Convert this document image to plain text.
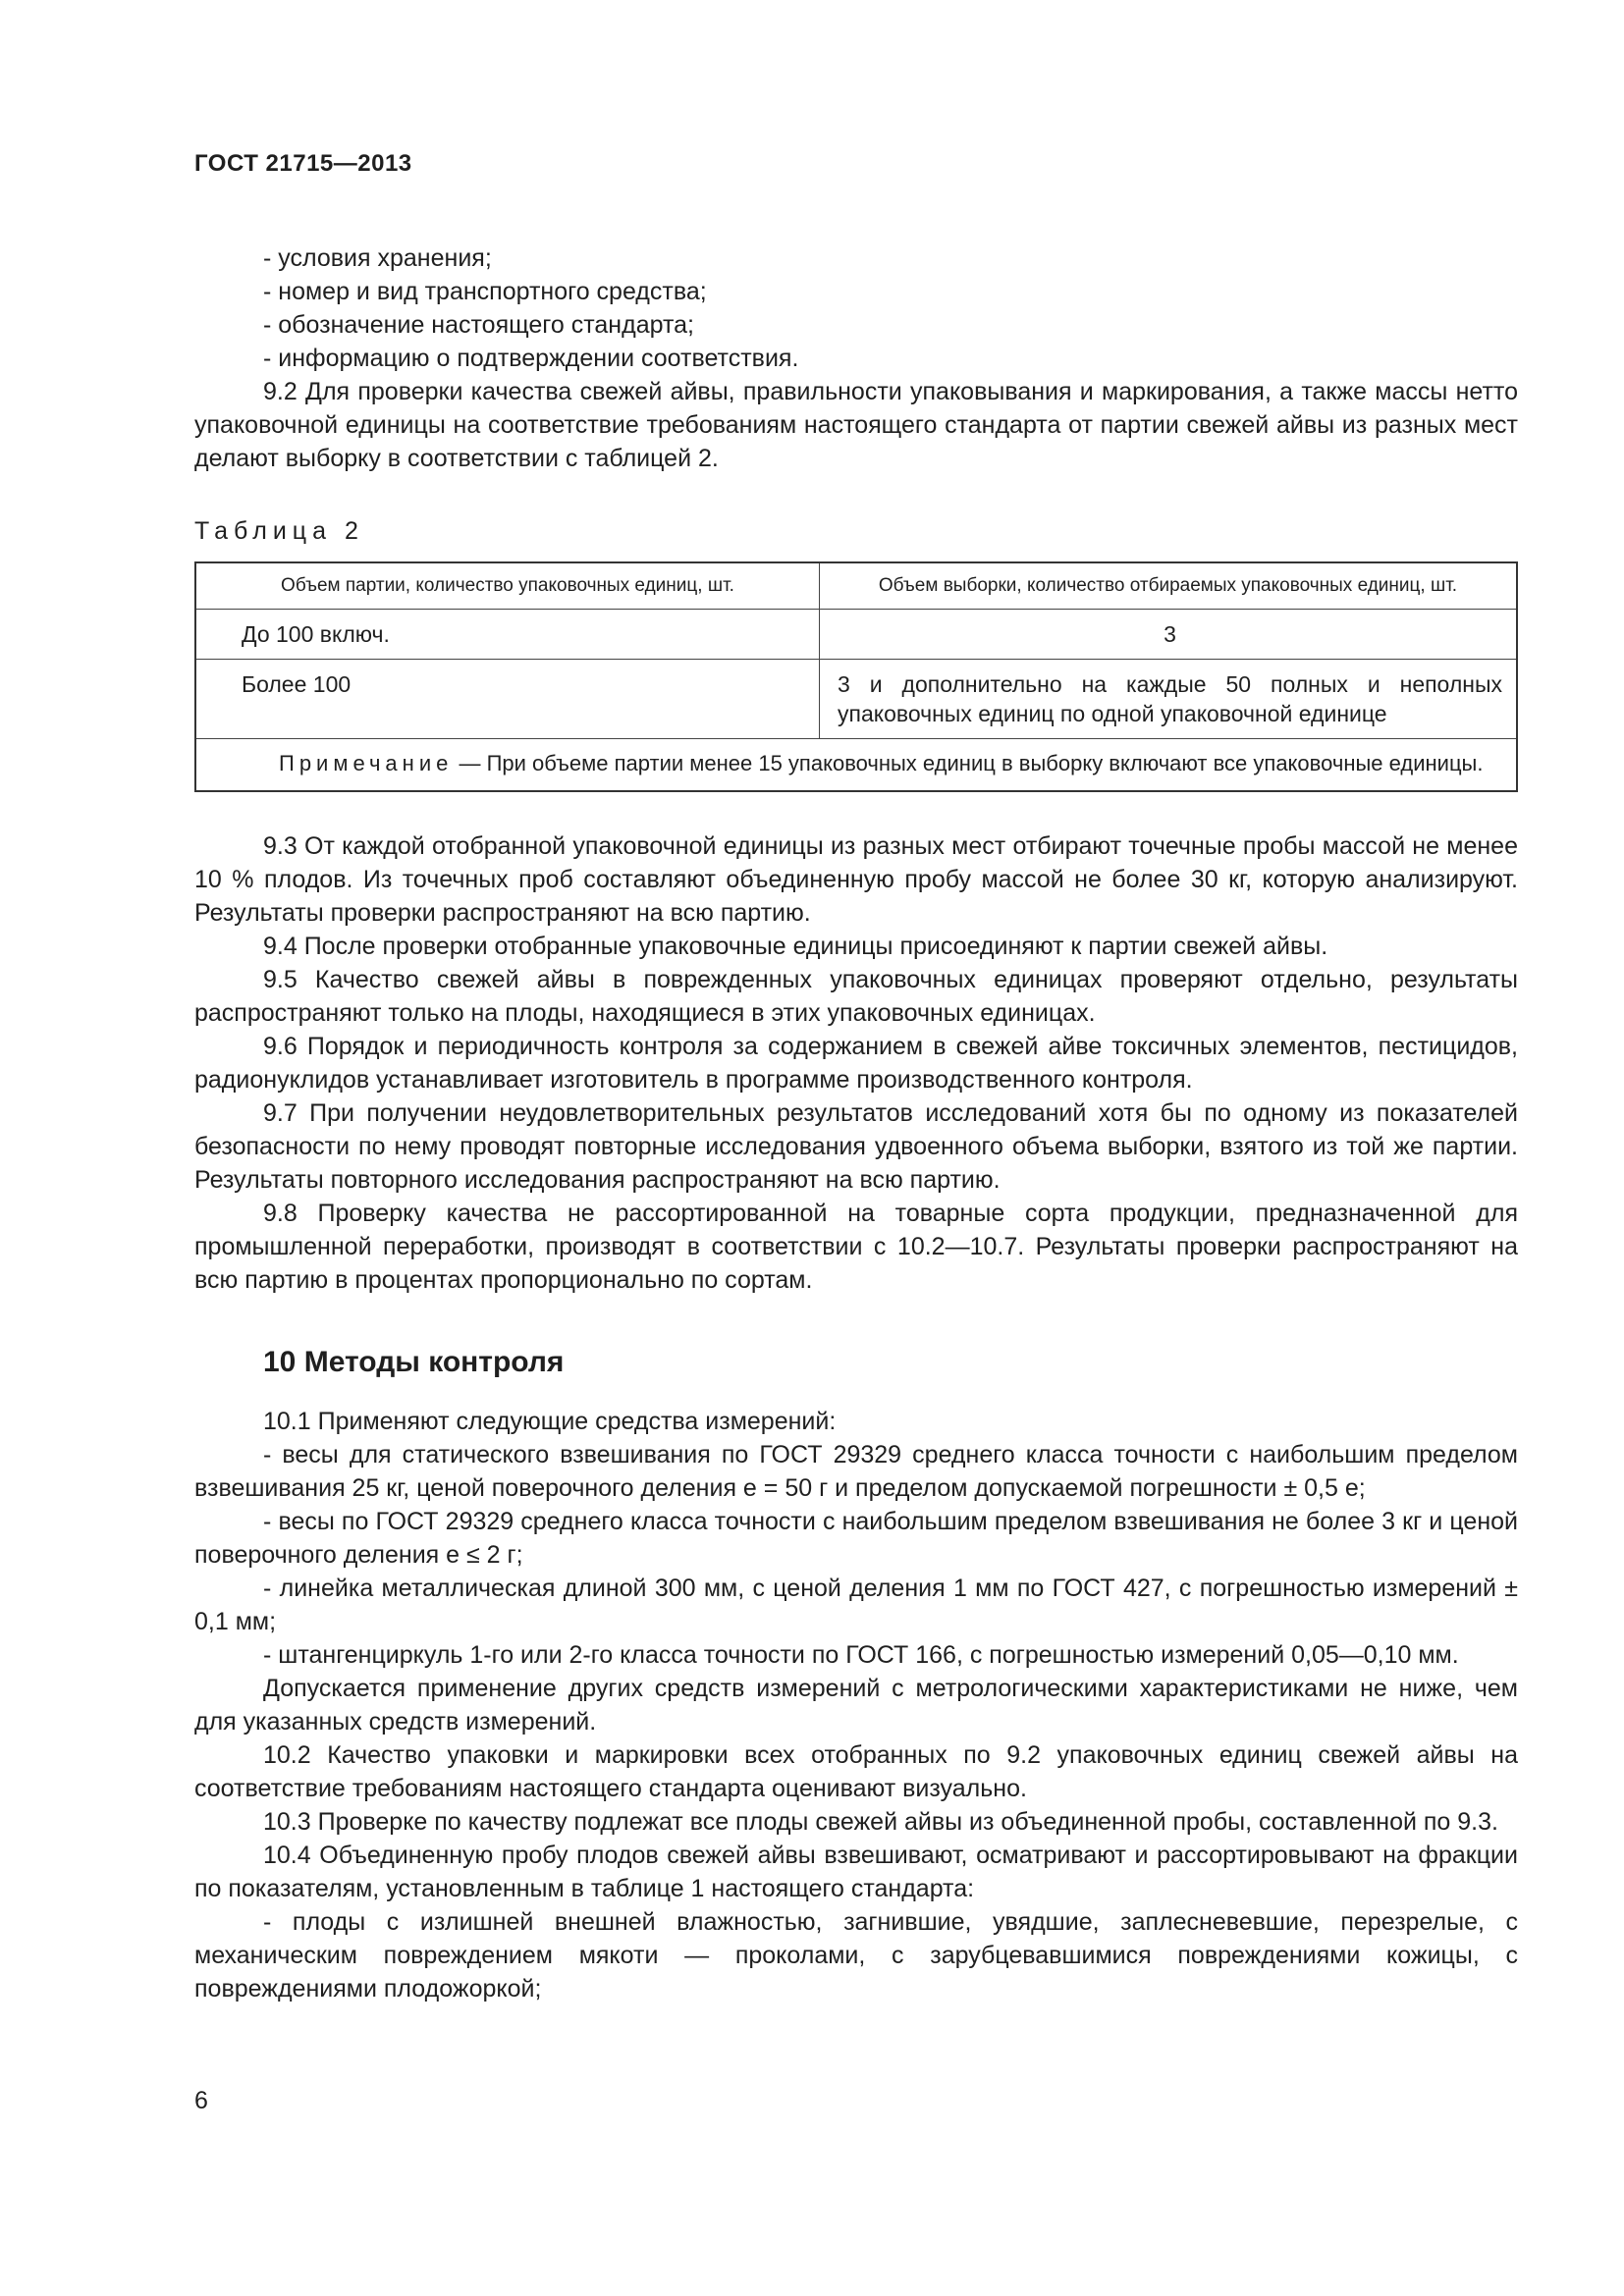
ГОСТ 21715—2013

- условия хранения;

- номер и вид транспортного средства;

- обозначение настоящего стандарта;

- информацию о подтверждении соответствия.

9.2 Для проверки качества свежей айвы, правильности упаковывания и маркирования, а также массы нетто упаковочной единицы на соответствие требованиям настоящего стандарта от партии свежей айвы из разных мест делают выборку в соответствии с таблицей 2.

Таблица 2
Объем партии, количество упаковочных единиц, шт.	Объем выборки, количество отбираемых упаковочных единиц, шт.
До 100 включ.	3
Более 100	3 и дополнительно на каждые 50 полных и неполных упаковочных единиц по одной упаковочной единице
Примечание — При объеме партии менее 15 упаковочных единиц в выборку включают все упаковочные единицы.	

9.3 От каждой отобранной упаковочной единицы из разных мест отбирают точечные пробы массой не менее 10 % плодов. Из точечных проб составляют объединенную пробу массой не более 30 кг, которую анализируют. Результаты проверки распространяют на всю партию.

9.4 После проверки отобранные упаковочные единицы присоединяют к партии свежей айвы.

9.5 Качество свежей айвы в поврежденных упаковочных единицах проверяют отдельно, результаты распространяют только на плоды, находящиеся в этих упаковочных единицах.

9.6 Порядок и периодичность контроля за содержанием в свежей айве токсичных элементов, пестицидов, радионуклидов устанавливает изготовитель в программе производственного контроля.

9.7 При получении неудовлетворительных результатов исследований хотя бы по одному из показателей безопасности по нему проводят повторные исследования удвоенного объема выборки, взятого из той же партии. Результаты повторного исследования распространяют на всю партию.

9.8 Проверку качества не рассортированной на товарные сорта продукции, предназначенной для промышленной переработки, производят в соответствии с 10.2—10.7. Результаты проверки распространяют на всю партию в процентах пропорционально по сортам.

10 Методы контроля

10.1 Применяют следующие средства измерений:

- весы для статического взвешивания по ГОСТ 29329 среднего класса точности с наибольшим пределом взвешивания 25 кг, ценой поверочного деления е = 50 г и пределом допускаемой погрешности ± 0,5 е;

- весы по ГОСТ 29329 среднего класса точности с наибольшим пределом взвешивания не более 3 кг и ценой поверочного деления е ≤ 2 г;

- линейка металлическая длиной 300 мм, с ценой деления 1 мм по ГОСТ 427, с погрешностью измерений ± 0,1 мм;

- штангенциркуль 1-го или 2-го класса точности по ГОСТ 166, с погрешностью измерений 0,05—0,10 мм.

Допускается применение других средств измерений с метрологическими характеристиками не ниже, чем для указанных средств измерений.

10.2 Качество упаковки и маркировки всех отобранных по 9.2 упаковочных единиц свежей айвы на соответствие требованиям настоящего стандарта оценивают визуально.

10.3 Проверке по качеству подлежат все плоды свежей айвы из объединенной пробы, составленной по 9.3.

10.4 Объединенную пробу плодов свежей айвы взвешивают, осматривают и рассортировывают на фракции по показателям, установленным в таблице 1 настоящего стандарта:

- плоды с излишней внешней влажностью, загнившие, увядшие, заплесневевшие, перезрелые, с механическим повреждением мякоти — проколами, с зарубцевавшимися повреждениями кожицы, с повреждениями плодожоркой;

6
